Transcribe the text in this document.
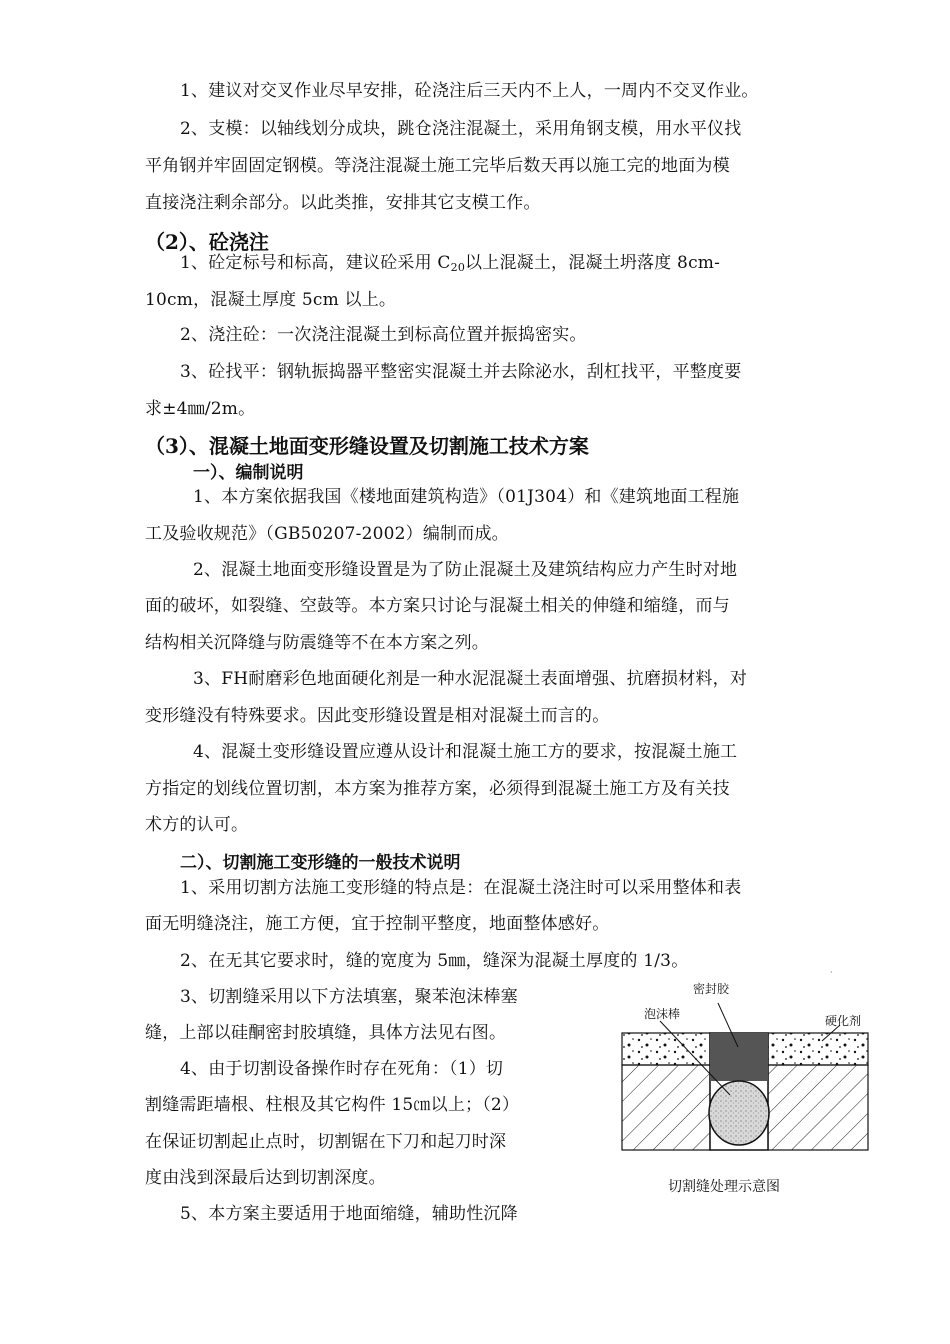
1、建议对交叉作业尽早安排，砼浇注后三天内不上人，一周内不交叉作业。
2、支模：以轴线划分成块，跳仓浇注混凝土，采用角钢支模，用水平仪找
平角钢并牢固固定钢模。等浇注混凝土施工完毕后数天再以施工完的地面为模
直接浇注剩余部分。以此类推，安排其它支模工作。
（2）、砼浇注
1、砼定标号和标高，建议砼采用 $C_{20}$以上混凝土，混凝土坍落度 8cm-
10cm，混凝土厚度 5cm 以上。
2、浇注砼：一次浇注混凝土到标高位置并振捣密实。
3、砼找平：钢轨振捣器平整密实混凝土并去除泌水，刮杠找平，平整度要
求±4㎜/2m。
（3）、混凝土地面变形缝设置及切割施工技术方案
一）、编制说明
1、本方案依据我国《楼地面建筑构造》（01J304）和《建筑地面工程施
工及验收规范》（GB50207-2002）编制而成。
2、混凝土地面变形缝设置是为了防止混凝土及建筑结构应力产生时对地
面的破坏，如裂缝、空鼓等。本方案只讨论与混凝土相关的伸缝和缩缝，而与
结构相关沉降缝与防震缝等不在本方案之列。
3、FH耐磨彩色地面硬化剂是一种水泥混凝土表面增强、抗磨损材料，对
变形缝没有特殊要求。因此变形缝设置是相对混凝土而言的。
4、混凝土变形缝设置应遵从设计和混凝土施工方的要求，按混凝土施工
方指定的划线位置切割，本方案为推荐方案，必须得到混凝土施工方及有关技
术方的认可。
二）、切割施工变形缝的一般技术说明
1、采用切割方法施工变形缝的特点是：在混凝土浇注时可以采用整体和表
面无明缝浇注，施工方便，宜于控制平整度，地面整体感好。
2、在无其它要求时，缝的宽度为 5㎜，缝深为混凝土厚度的 1/3。
3、切割缝采用以下方法填塞，聚苯泡沫棒塞
缝，上部以硅酮密封胶填缝，具体方法见右图。
4、由于切割设备操作时存在死角：（1）切
割缝需距墙根、柱根及其它构件 15㎝以上；（2）
在保证切割起止点时，切割锯在下刀和起刀时深
度由浅到深最后达到切割深度。
5、本方案主要适用于地面缩缝，辅助性沉降
·
密封胶
泡沫棒	硬化剂
切割缝处理示意图
